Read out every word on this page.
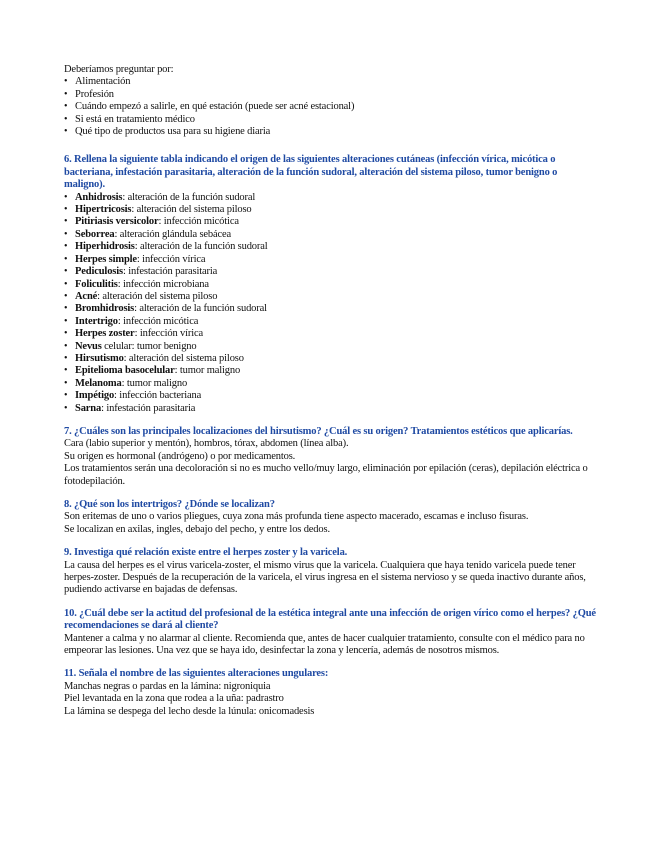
Deberíamos preguntar por:

• Alimentación
• Profesión
• Cuándo empezó a salirle, en qué estación (puede ser acné estacional)
• Si está en tratamiento médico
• Qué tipo de productos usa para su higiene diaria

6. Rellena la siguiente tabla indicando el origen de las siguientes alteraciones cutáneas (infección vírica, micótica o bacteriana, infestación parasitaria, alteración de la función sudoral, alteración del sistema piloso, tumor benigno o maligno).

• Anhidrosis: alteración de la función sudoral
• Hipertricosis: alteración del sistema piloso
• Pitiriasis versicolor: infección micótica
• Seborrea: alteración glándula sebácea
• Hiperhidrosis: alteración de la función sudoral
• Herpes simple: infección vírica
• Pediculosis: infestación parasitaria
• Foliculitis: infección microbiana
• Acné: alteración del sistema piloso
• Bromhidrosis: alteración de la función sudoral
• Intertrigo: infección micótica
• Herpes zoster: infección vírica
• Nevus celular: tumor benigno
• Hirsutismo: alteración del sistema piloso
• Epitelioma basocelular: tumor maligno
• Melanoma: tumor maligno
• Impétigo: infección bacteriana
• Sarna: infestación parasitaria

7. ¿Cuáles son las principales localizaciones del hirsutismo? ¿Cuál es su origen? Tratamientos estéticos que aplicarías.

Cara (labio superior y mentón), hombros, tórax, abdomen (línea alba).

Su origen es hormonal (andrógeno) o por medicamentos.

Los tratamientos serán una decoloración si no es mucho vello/muy largo, eliminación por epilación (ceras), depilación eléctrica o fotodepilación.

8. ¿Qué son los intertrigos? ¿Dónde se localizan?

Son eritemas de uno o varios pliegues, cuya zona más profunda tiene aspecto macerado, escamas e incluso fisuras.

Se localizan en axilas, ingles, debajo del pecho, y entre los dedos.

9. Investiga qué relación existe entre el herpes zoster y la varicela.

La causa del herpes es el virus varicela-zoster, el mismo virus que la varicela. Cualquiera que haya tenido varicela puede tener herpes-zoster. Después de la recuperación de la varicela, el virus ingresa en el sistema nervioso y se queda inactivo durante años, pudiendo activarse en bajadas de defensas.

10. ¿Cuál debe ser la actitud del profesional de la estética integral ante una infección de origen vírico como el herpes? ¿Qué recomendaciones se dará al cliente?

Mantener a calma y no alarmar al cliente. Recomienda que, antes de hacer cualquier tratamiento, consulte con el médico para no empeorar las lesiones. Una vez que se haya ido, desinfectar la zona y lencería, además de nosotros mismos.

11. Señala el nombre de las siguientes alteraciones ungulares:

Manchas negras o pardas en la lámina: nigroniquia

Piel levantada en la zona que rodea a la uña: padrastro

La lámina se despega del lecho desde la lúnula: onicomadesis
